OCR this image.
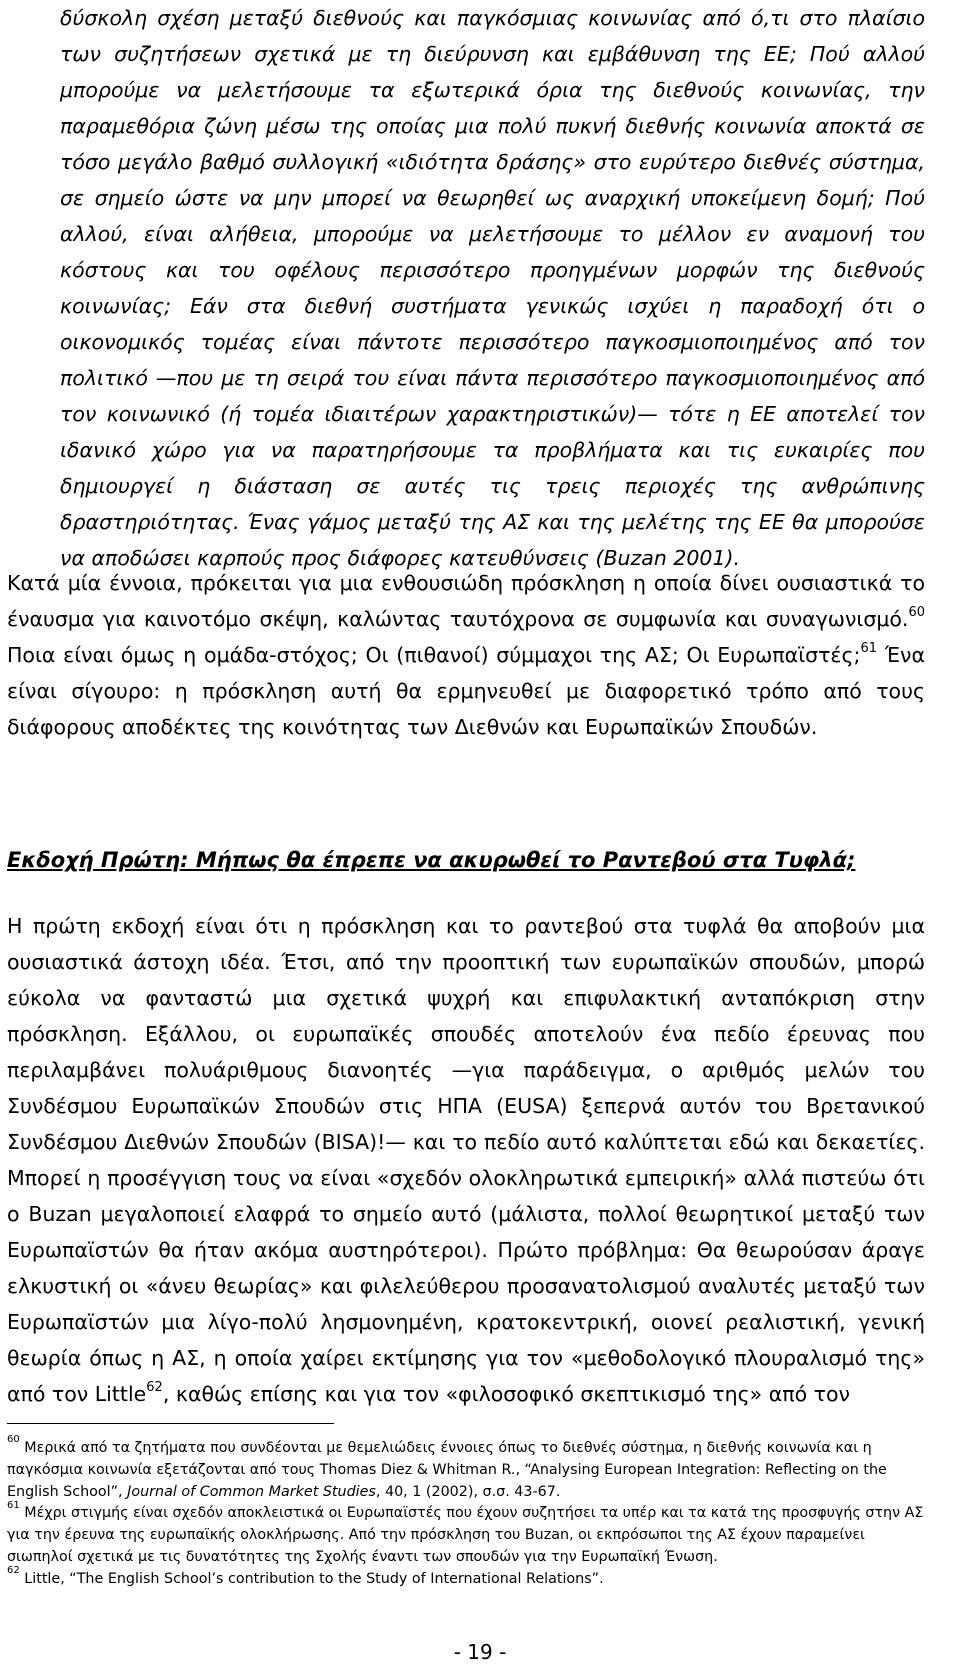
δύσκολη σχέση μεταξύ διεθνούς και παγκόσμιας κοινωνίας από ό,τι στο πλαίσιο των συζητήσεων σχετικά με τη διεύρυνση και εμβάθυνση της ΕΕ; Πού αλλού μπορούμε να μελετήσουμε τα εξωτερικά όρια της διεθνούς κοινωνίας, την παραμεθόρια ζώνη μέσω της οποίας μια πολύ πυκνή διεθνής κοινωνία αποκτά σε τόσο μεγάλο βαθμό συλλογική «ιδιότητα δράσης» στο ευρύτερο διεθνές σύστημα, σε σημείο ώστε να μην μπορεί να θεωρηθεί ως αναρχική υποκείμενη δομή; Πού αλλού, είναι αλήθεια, μπορούμε να μελετήσουμε το μέλλον εν αναμονή του κόστους και του οφέλους περισσότερο προηγμένων μορφών της διεθνούς κοινωνίας; Εάν στα διεθνή συστήματα γενικώς ισχύει η παραδοχή ότι ο οικονομικός τομέας είναι πάντοτε περισσότερο παγκοσμιοποιημένος από τον πολιτικό —που με τη σειρά του είναι πάντα περισσότερο παγκοσμιοποιημένος από τον κοινωνικό (ή τομέα ιδιαιτέρων χαρακτηριστικών)— τότε η ΕΕ αποτελεί τον ιδανικό χώρο για να παρατηρήσουμε τα προβλήματα και τις ευκαιρίες που δημιουργεί η διάσταση σε αυτές τις τρεις περιοχές της ανθρώπινης δραστηριότητας. Ένας γάμος μεταξύ της ΑΣ και της μελέτης της ΕΕ θα μπορούσε να αποδώσει καρπούς προς διάφορες κατευθύνσεις (Buzan 2001).

Κατά μία έννοια, πρόκειται για μια ενθουσιώδη πρόσκληση η οποία δίνει ουσιαστικά το έναυσμα για καινοτόμο σκέψη, καλώντας ταυτόχρονα σε συμφωνία και συναγωνισμό.$^{60}$ Ποια είναι όμως η ομάδα-στόχος; Οι (πιθανοί) σύμμαχοι της ΑΣ; Οι Ευρωπαϊστές;$^{61}$ Ένα είναι σίγουρο: η πρόσκληση αυτή θα ερμηνευθεί με διαφορετικό τρόπο από τους διάφορους αποδέκτες της κοινότητας των Διεθνών και Ευρωπαϊκών Σπουδών.

Εκδοχή Πρώτη: Μήπως θα έπρεπε να ακυρωθεί το Ραντεβού στα Τυφλά;

Η πρώτη εκδοχή είναι ότι η πρόσκληση και το ραντεβού στα τυφλά θα αποβούν μια ουσιαστικά άστοχη ιδέα. Έτσι, από την προοπτική των ευρωπαϊκών σπουδών, μπορώ εύκολα να φανταστώ μια σχετικά ψυχρή και επιφυλακτική ανταπόκριση στην πρόσκληση. Εξάλλου, οι ευρωπαϊκές σπουδές αποτελούν ένα πεδίο έρευνας που περιλαμβάνει πολυάριθμους διανοητές —για παράδειγμα, ο αριθμός μελών του Συνδέσμου Ευρωπαϊκών Σπουδών στις ΗΠΑ (EUSA) ξεπερνά αυτόν του Βρετανικού Συνδέσμου Διεθνών Σπουδών (BISA)!— και το πεδίο αυτό καλύπτεται εδώ και δεκαετίες. Μπορεί η προσέγγιση τους να είναι «σχεδόν ολοκληρωτικά εμπειρική» αλλά πιστεύω ότι ο Buzan μεγαλοποιεί ελαφρά το σημείο αυτό (μάλιστα, πολλοί θεωρητικοί μεταξύ των Ευρωπαϊστών θα ήταν ακόμα αυστηρότεροι). Πρώτο πρόβλημα: Θα θεωρούσαν άραγε ελκυστική οι «άνευ θεωρίας» και φιλελεύθερου προσανατολισμού αναλυτές μεταξύ των Ευρωπαϊστών μια λίγο-πολύ λησμονημένη, κρατοκεντρική, οιονεί ρεαλιστική, γενική θεωρία όπως η ΑΣ, η οποία χαίρει εκτίμησης για τον «μεθοδολογικό πλουραλισμό της» από τον Little$^{62}$, καθώς επίσης και για τον «φιλοσοφικό σκεπτικισμό της» από τον

$^{60}$ Μερικά από τα ζητήματα που συνδέονται με θεμελιώδεις έννοιες όπως το διεθνές σύστημα, η διεθνής κοινωνία και η παγκόσμια κοινωνία εξετάζονται από τους Thomas Diez & Whitman R., “Analysing European Integration: Reflecting on the English School”, Journal of Common Market Studies, 40, 1 (2002), σ.σ. 43-67.

$^{61}$ Μέχρι στιγμής είναι σχεδόν αποκλειστικά οι Ευρωπαϊστές που έχουν συζητήσει τα υπέρ και τα κατά της προσφυγής στην ΑΣ για την έρευνα της ευρωπαϊκής ολοκλήρωσης. Από την πρόσκληση του Buzan, οι εκπρόσωποι της ΑΣ έχουν παραμείνει σιωπηλοί σχετικά με τις δυνατότητες της Σχολής έναντι των σπουδών για την Ευρωπαϊκή Ένωση.

$^{62}$ Little, “The English School’s contribution to the Study of International Relations”.

- 19 -
